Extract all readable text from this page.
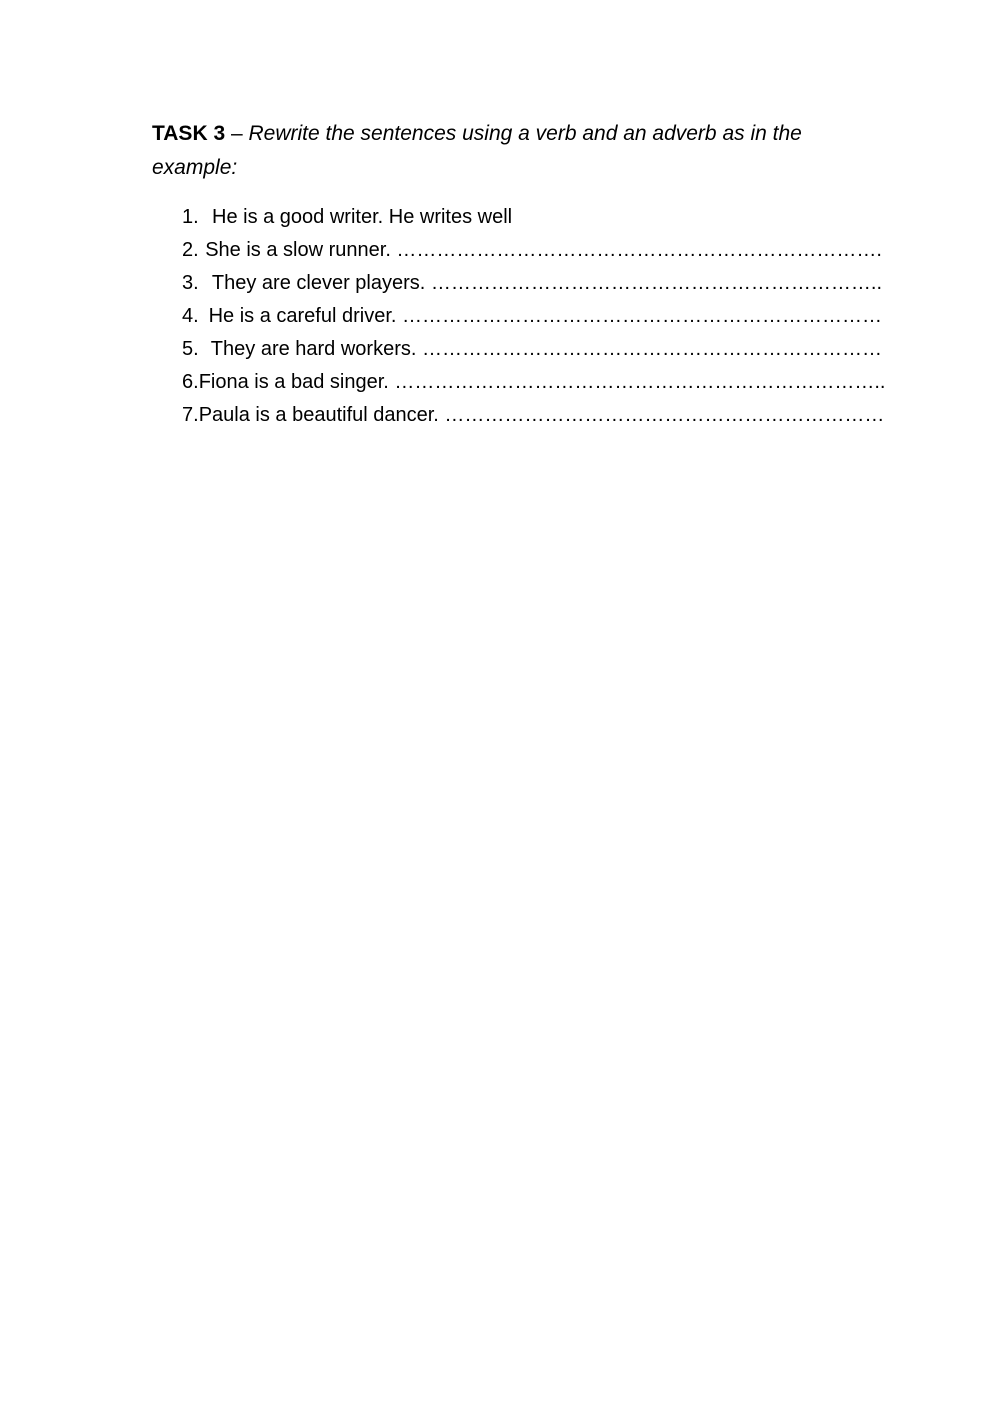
TASK 3 – Rewrite the sentences using a verb and an adverb as in the example:

1. He is a good writer. He writes well
2. She is a slow runner. ……………………………………………………………….
3. They are clever players. …………………………………………………………..
4. He is a careful driver. ………………………………………………………………
5. They are hard workers. ……………………………………………………………
6. Fiona is a bad singer. ………………………………………………………………..
7. Paula is a beautiful dancer. …………………………………………………………
